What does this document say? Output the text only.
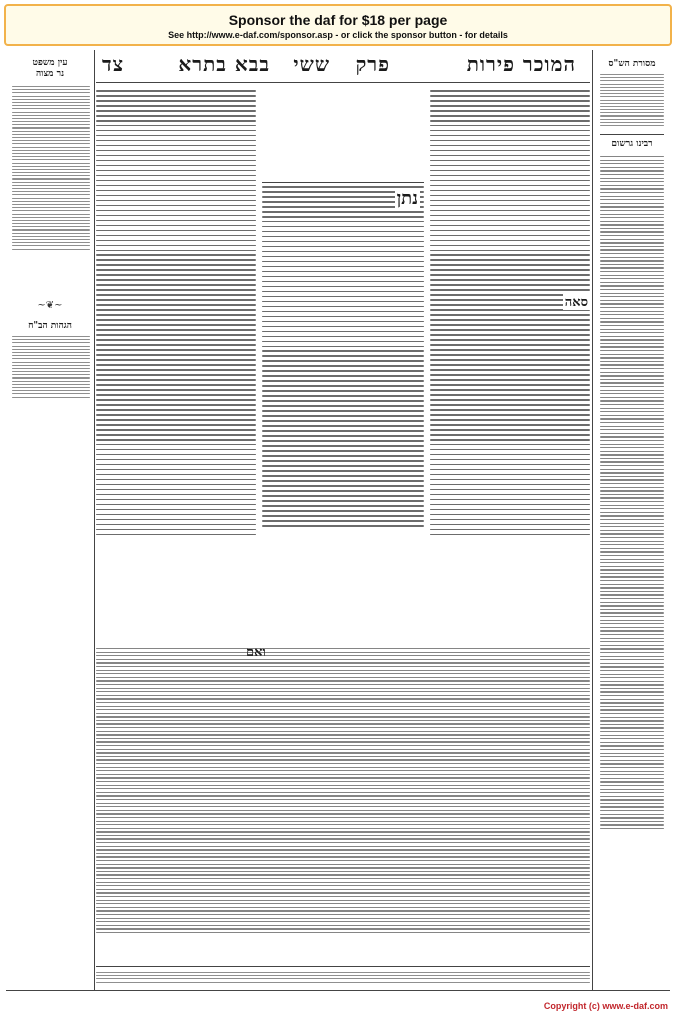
Sponsor the daf for $18 per page
See http://www.e-daf.com/sponsor.asp - or click the sponsor button - for details
מסורת הש"ס
רבינו גרשום
עין משפט
נר מצוה
~❦~
הגהות הב"ח
המוכר פירות
פרק
ששי
בבא בתרא
צד
נתן
סאה
Copyright (c) www.e-daf.com
